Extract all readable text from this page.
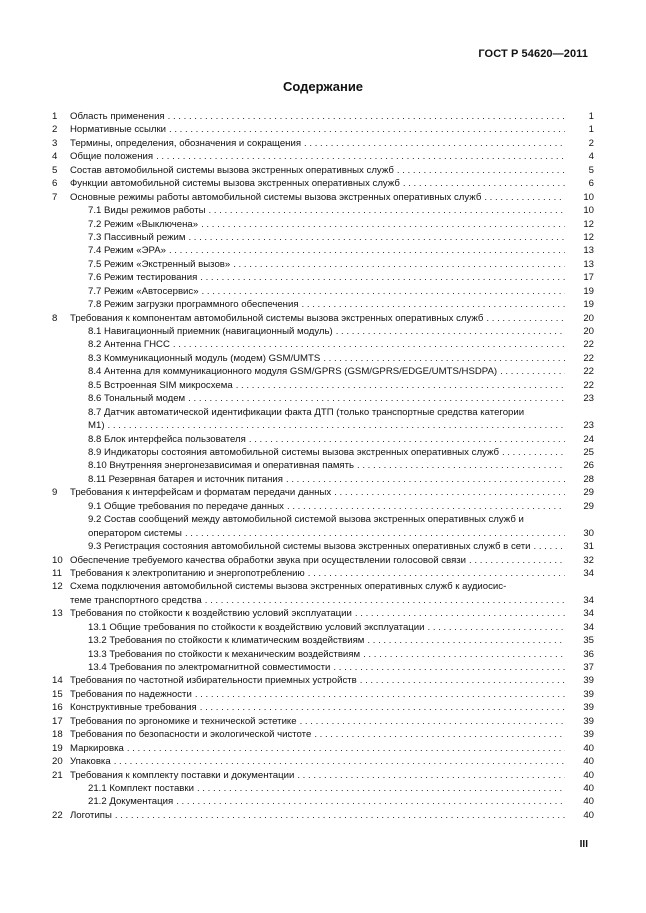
ГОСТ Р 54620—2011
Содержание
1	Область применения . . .	1
2	Нормативные ссылки . . .	1
3	Термины, определения, обозначения и сокращения . . .	2
4	Общие положения . . .	4
5	Состав автомобильной системы вызова экстренных оперативных служб . . .	5
6	Функции автомобильной системы вызова экстренных оперативных служб . . .	6
7	Основные режимы работы автомобильной системы вызова экстренных оперативных служб . . .	10
7.1 Виды режимов работы . . .	10
7.2 Режим «Выключена» . . .	12
7.3 Пассивный режим . . .	12
7.4 Режим «ЭРА» . . .	13
7.5 Режим «Экстренный вызов» . . .	13
7.6 Режим тестирования . . .	17
7.7 Режим «Автосервис» . . .	19
7.8 Режим загрузки программного обеспечения . . .	19
8	Требования к компонентам автомобильной системы вызова экстренных оперативных служб . . .	20
8.1 Навигационный приемник (навигационный модуль) . . .	20
8.2 Антенна ГНСС . . .	22
8.3 Коммуникационный модуль (модем) GSM/UMTS . . .	22
8.4 Антенна для коммуникационного модуля GSM/GPRS (GSM/GPRS/EDGE/UMTS/HSDPA) . . .	22
8.5 Встроенная SIM микросхема . . .	22
8.6 Тональный модем . . .	23
8.7 Датчик автоматической идентификации факта ДТП (только транспортные средства категории
М1) . . .	23
8.8 Блок интерфейса пользователя . . .	24
8.9 Индикаторы состояния автомобильной системы вызова экстренных оперативных служб . . .	25
8.10 Внутренняя энергонезависимая и оперативная память . . .	26
8.11 Резервная батарея и источник питания . . .	28
9	Требования к интерфейсам и форматам передачи данных . . .	29
9.1 Общие требования по передаче данных . . .	29
9.2 Состав сообщений между автомобильной системой вызова экстренных оперативных служб и
оператором системы . . .	30
9.3 Регистрация состояния автомобильной системы вызова экстренных оперативных служб в сети . . .	31
10 Обеспечение требуемого качества обработки звука при осуществлении голосовой связи . . .	32
11 Требования к электропитанию и энергопотреблению . . .	34
12 Схема подключения автомобильной системы вызова экстренных оперативных служб к аудиосис-
теме транспортного средства . . .	34
13 Требования по стойкости к воздействию условий эксплуатации . . .	34
13.1 Общие требования по стойкости к воздействию условий эксплуатации . . .	34
13.2 Требования по стойкости к климатическим воздействиям . . .	35
13.3 Требования по стойкости к механическим воздействиям . . .	36
13.4 Требования по электромагнитной совместимости . . .	37
14 Требования по частотной избирательности приемных устройств . . .	39
15 Требования по надежности . . .	39
16 Конструктивные требования . . .	39
17 Требования по эргономике и технической эстетике . . .	39
18 Требования по безопасности и экологической чистоте . . .	39
19 Маркировка . . .	40
20 Упаковка . . .	40
21 Требования к комплекту поставки и документации . . .	40
21.1 Комплект поставки . . .	40
21.2 Документация . . .	40
22 Логотипы . . .	40
III
